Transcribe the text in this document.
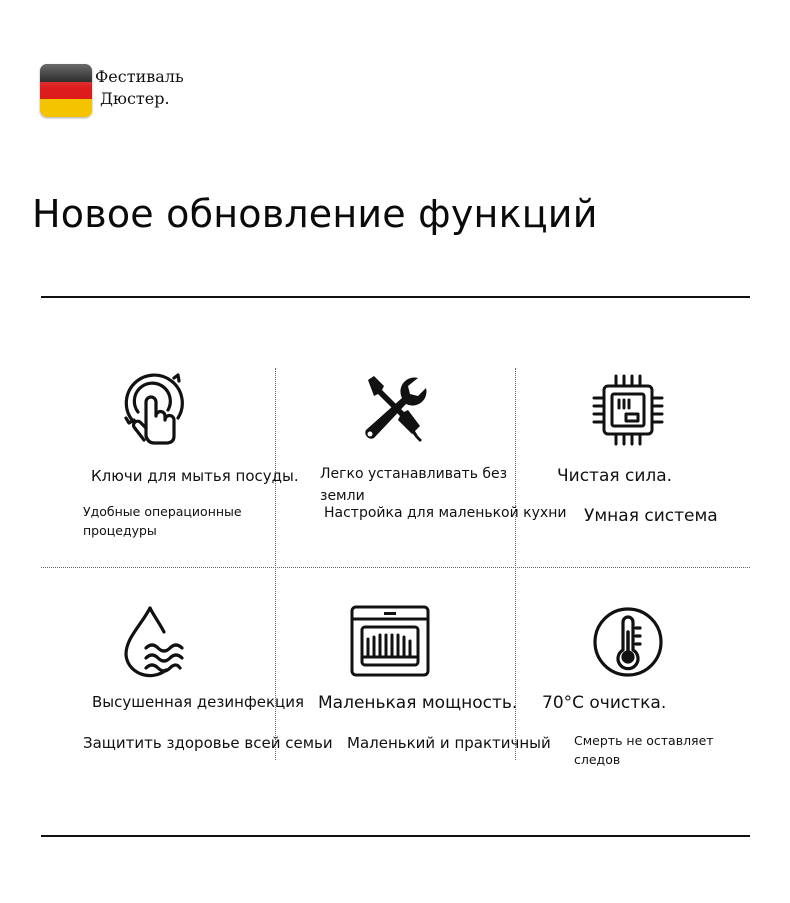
Фестиваль
Дюстер.
Новое обновление функций
Ключи для мытья посуды.
Удобные операционные процедуры
Легко устанавливать без земли
Настройка для маленькой кухни
Чистая сила.
Умная система
Высушенная дезинфекция
Защитить здоровье всей семьи
Маленькая мощность.
Маленький и практичный
70°C очистка.
Смерть не оставляет следов
